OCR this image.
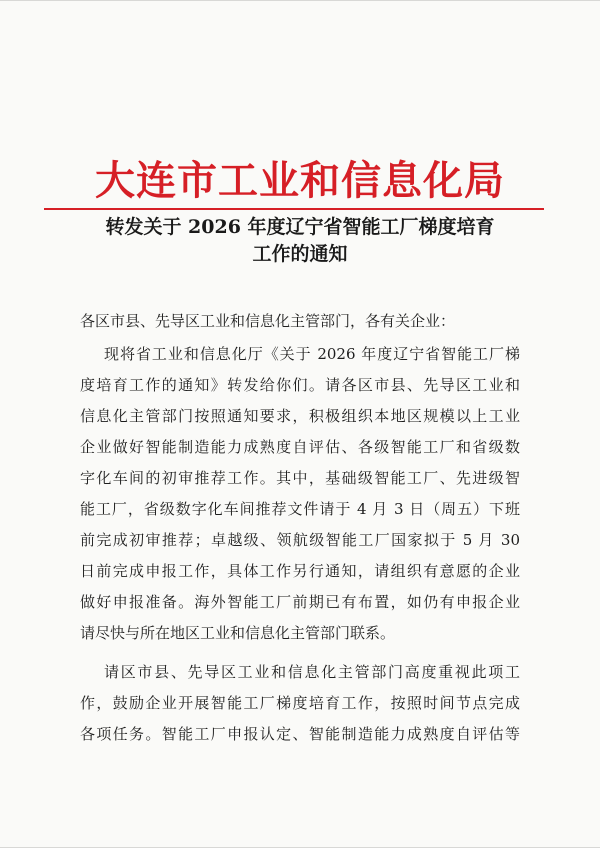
大连市工业和信息化局
转发关于 2026 年度辽宁省智能工厂梯度培育
工作的通知
各区市县、先导区工业和信息化主管部门，各有关企业：
现将省工业和信息化厅《关于 2026 年度辽宁省智能工厂梯
度培育工作的通知》转发给你们。请各区市县、先导区工业和
信息化主管部门按照通知要求，积极组织本地区规模以上工业
企业做好智能制造能力成熟度自评估、各级智能工厂和省级数
字化车间的初审推荐工作。其中，基础级智能工厂、先进级智
能工厂，省级数字化车间推荐文件请于 4 月 3 日（周五）下班
前完成初审推荐；卓越级、领航级智能工厂国家拟于 5 月 30
日前完成申报工作，具体工作另行通知，请组织有意愿的企业
做好申报准备。海外智能工厂前期已有布置，如仍有申报企业
请尽快与所在地区工业和信息化主管部门联系。
请区市县、先导区工业和信息化主管部门高度重视此项工
作，鼓励企业开展智能工厂梯度培育工作，按照时间节点完成
各项任务。智能工厂申报认定、智能制造能力成熟度自评估等
